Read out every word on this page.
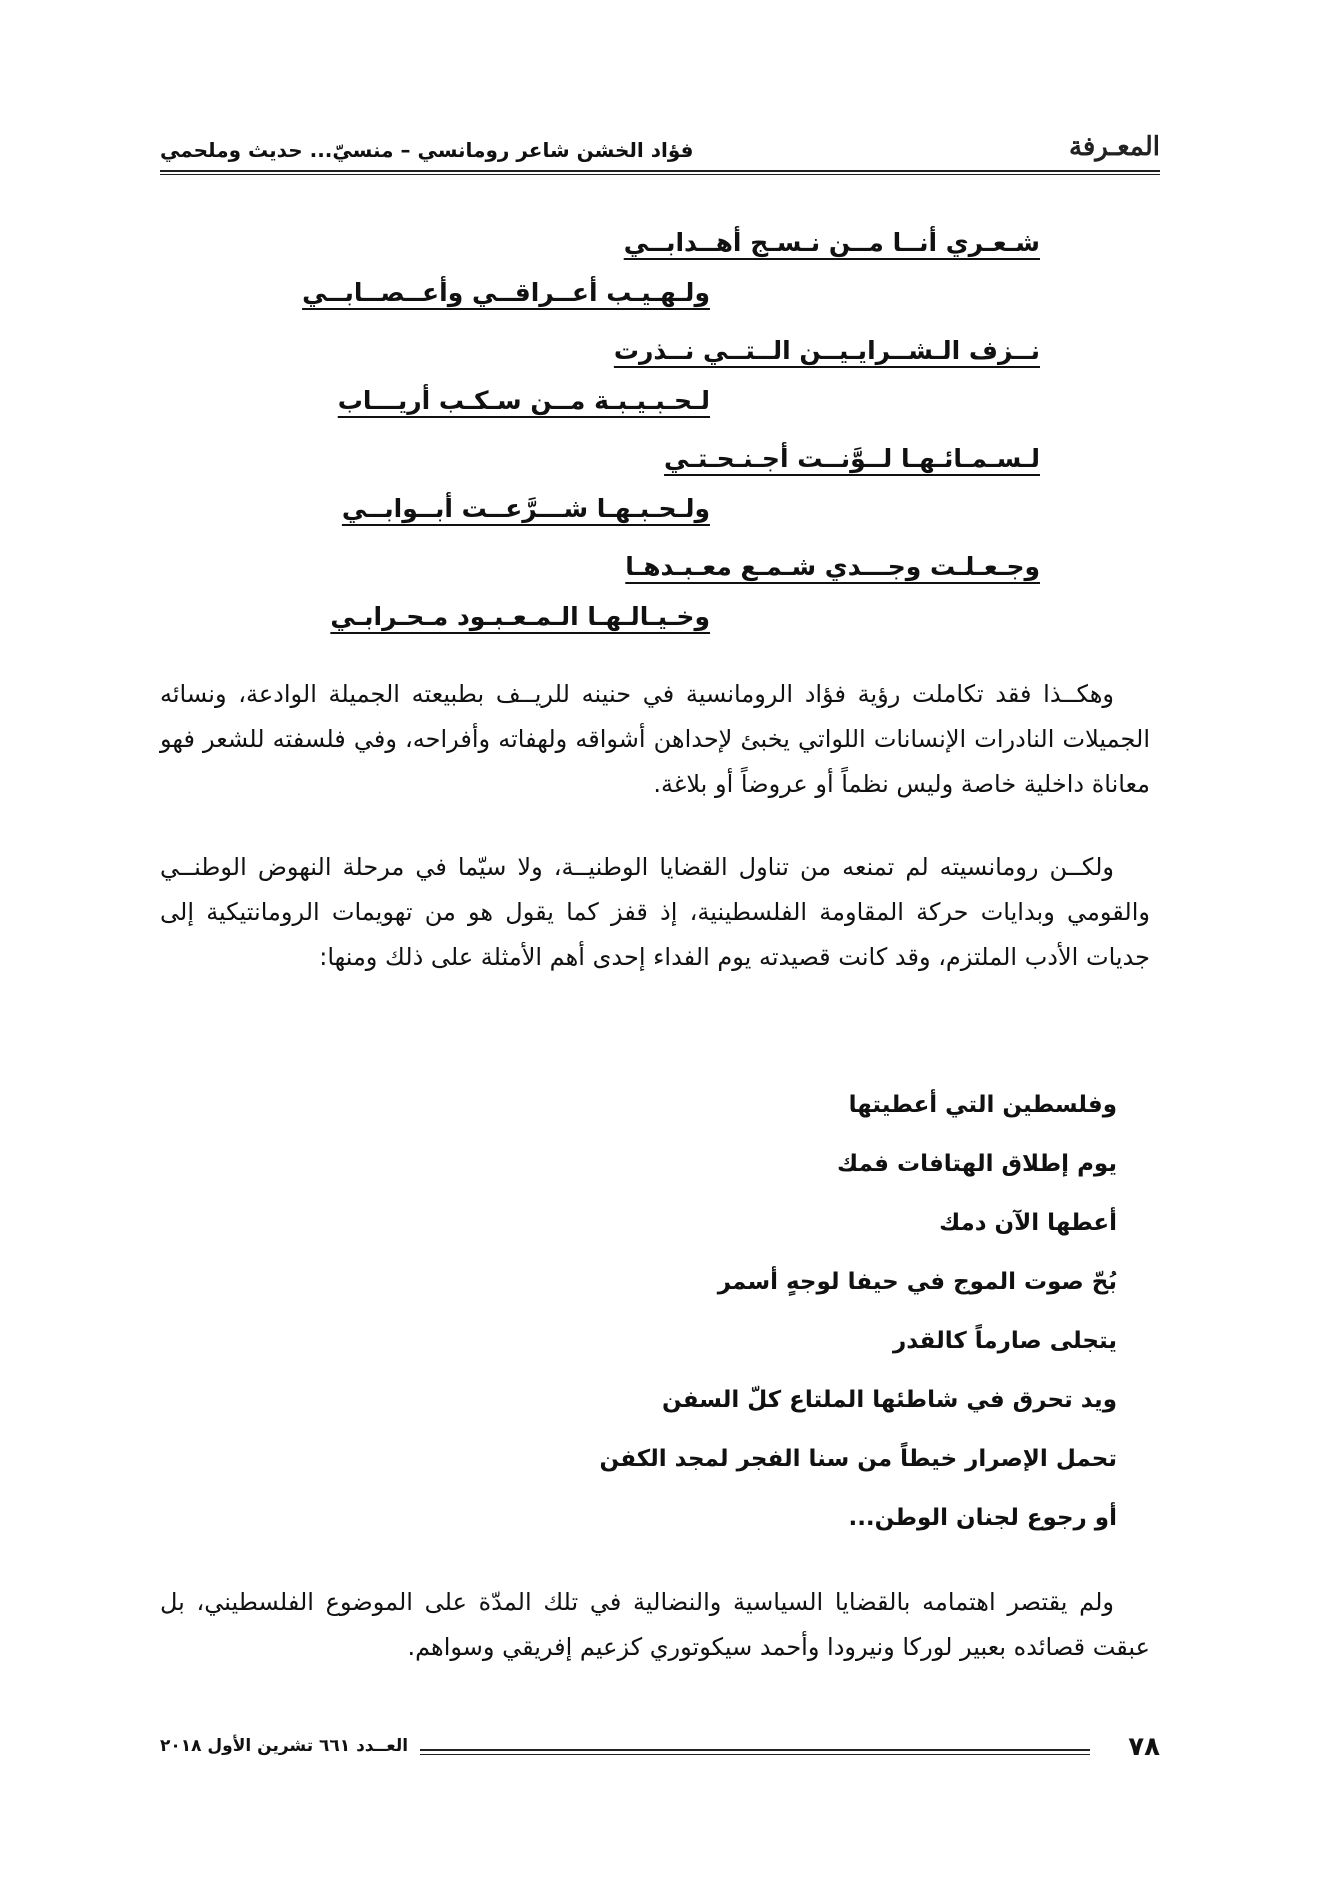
المعـرفة
فؤاد الخشن شاعر رومانسي – منسيّ... حديث وملحمي
شـعـري أنــا مــن نـسـج أهــدابــي
ولـهـيـب أعــراقــي وأعــصــابــي
نــزف الـشــرايـيــن الــتــي نــذرت
لـحـبـيـبـة مــن سـكـب أريـــاب
لـسـمـائـهـا لــوَّنــت أجـنـحـتـي
ولـحـبـهـا شـــرَّعــت أبــوابــي
وجـعـلـت وجـــدي شـمـع معـبـدهـا
وخـيـالـهـا الـمـعـبـود مـحـرابـي

وهكــذا فقد تكاملت رؤية فؤاد الرومانسية في حنينه للريــف بطبيعته الجميلة الوادعة، ونسائه الجميلات النادرات الإنسانات اللواتي يخبئ لإحداهن أشواقه ولهفاته وأفراحه، وفي فلسفته للشعر فهو معاناة داخلية خاصة وليس نظماً أو عروضاً أو بلاغة.

ولكــن رومانسيته لم تمنعه من تناول القضايا الوطنيــة، ولا سيّما في مرحلة النهوض الوطنــي والقومي وبدايات حركة المقاومة الفلسطينية، إذ قفز كما يقول هو من تهويمات الرومانتيكية إلى جديات الأدب الملتزم، وقد كانت قصيدته يوم الفداء إحدى أهم الأمثلة على ذلك ومنها:

وفلسطين التي أعطيتها
يوم إطلاق الهتافات فمك
أعطها الآن دمك
بُحّ صوت الموج في حيفا لوجهٍ أسمر
يتجلى صارماً كالقدر
ويد تحرق في شاطئها الملتاع كلّ السفن
تحمل الإصرار خيطاً من سنا الفجر لمجد الكفن
أو رجوع لجنان الوطن...

ولم يقتصر اهتمامه بالقضايا السياسية والنضالية في تلك المدّة على الموضوع الفلسطيني، بل عبقت قصائده بعبير لوركا ونيرودا وأحمد سيكوتوري كزعيم إفريقي وسواهم.

٧٨
العــدد ٦٦١ تشرين الأول ٢٠١٨
